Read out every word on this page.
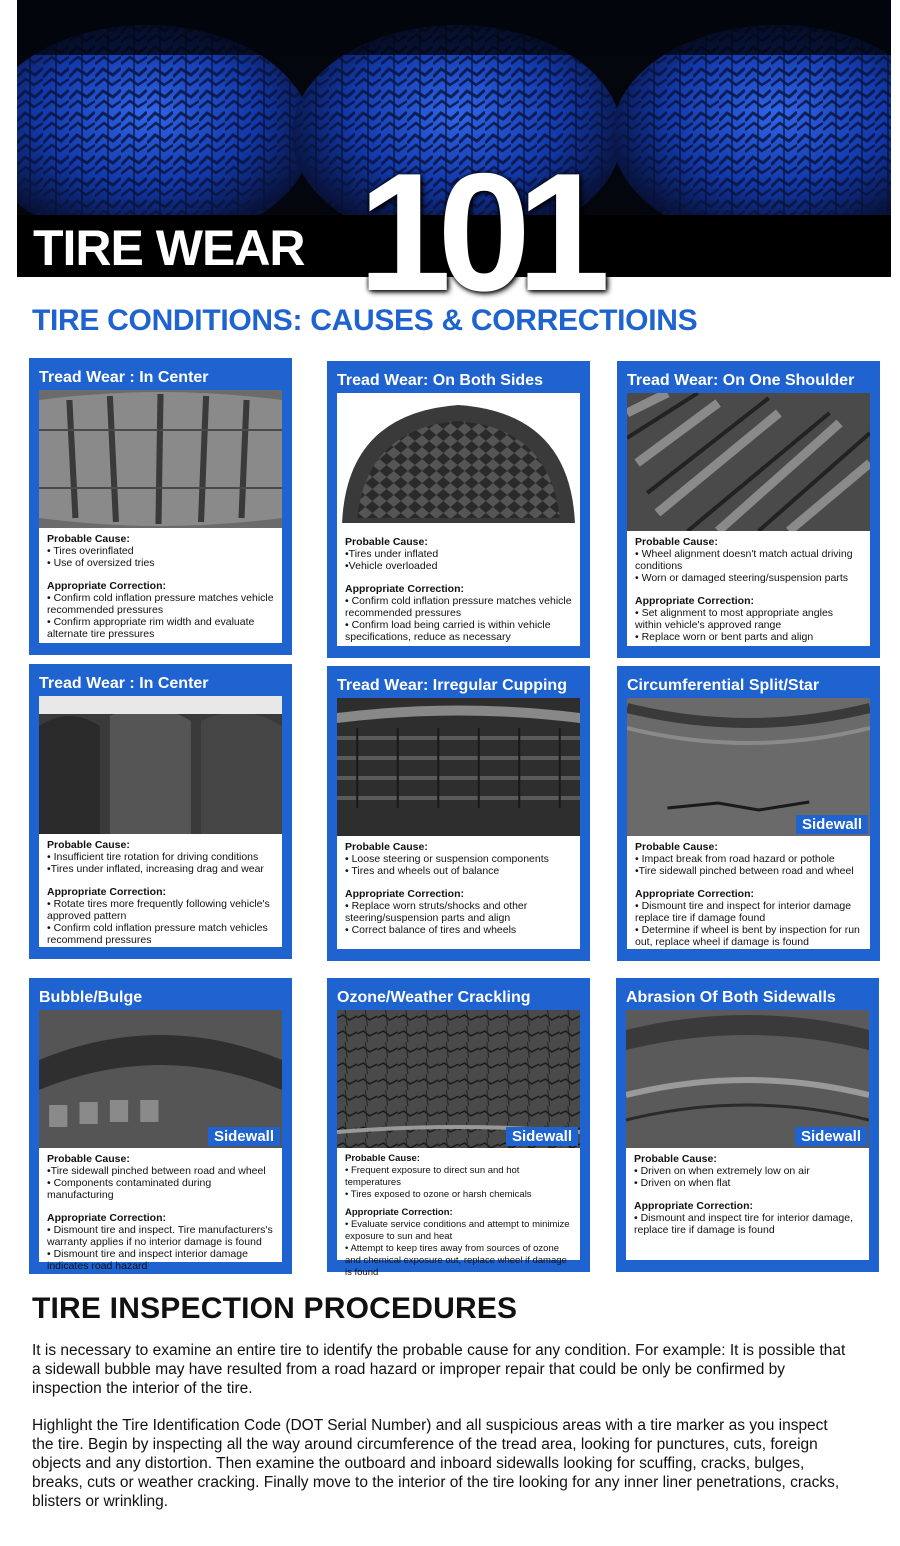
TIRE WEAR 101
TIRE CONDITIONS: CAUSES & CORRECTIOINS
Tread Wear : In Center
Probable Cause:
• Tires overinflated
• Use of oversized tries
Appropriate Correction:
• Confirm cold inflation pressure matches vehicle recommended pressures
• Confirm appropriate rim width and evaluate alternate tire pressures
Tread Wear: On Both Sides
Probable Cause:
•Tires under inflated
•Vehicle overloaded
Appropriate Correction:
• Confirm cold inflation pressure matches vehicle recommended pressures
• Confirm load being carried is within vehicle specifications, reduce as necessary
Tread Wear: On One Shoulder
Probable Cause:
• Wheel alignment doesn't match actual driving conditions
• Worn or damaged steering/suspension parts
Appropriate Correction:
• Set alignment to most appropriate angles within vehicle's approved range
• Replace worn or bent parts and align
Tread Wear : In Center
Probable Cause:
• Insufficient tire rotation for driving conditions
•Tires under inflated, increasing drag and wear
Appropriate Correction:
• Rotate tires more frequently following vehicle's approved pattern
• Confirm cold inflation pressure match vehicles recommend pressures
Tread Wear: Irregular Cupping
Probable Cause:
• Loose steering or suspension components
• Tires and wheels out of balance
Appropriate Correction:
• Replace worn struts/shocks and other steering/suspension parts and align
• Correct balance of tires and wheels
Circumferential Split/Star
Sidewall
Probable Cause:
• Impact break from road hazard or pothole
•Tire sidewall pinched between road and wheel
Appropriate Correction:
• Dismount tire and inspect for interior damage replace tire if damage found
• Determine if wheel is bent by inspection for run out, replace wheel if damage is found
Bubble/Bulge
Sidewall
Probable Cause:
•Tire sidewall pinched between road and wheel
• Components contaminated during manufacturing
Appropriate Correction:
• Dismount tire and inspect. Tire manufacturers's warranty applies if no interior damage is found
• Dismount tire and inspect interior damage indicates road hazard
Ozone/Weather Crackling
Sidewall
Probable Cause:
• Frequent exposure to direct sun and hot temperatures
• Tires exposed to ozone or harsh chemicals
Appropriate Correction:
• Evaluate service conditions and attempt to minimize exposure to sun and heat
• Attempt to keep tires away from sources of ozone and chemical exposure out, replace wheel if damage is found
Abrasion Of Both Sidewalls
Sidewall
Probable Cause:
• Driven on when extremely low on air
• Driven on when flat
Appropriate Correction:
• Dismount and inspect tire for interior damage, replace tire if damage is found
TIRE INSPECTION PROCEDURES

It is necessary to examine an entire tire to identify the probable cause for any condition. For example: It is possible that a sidewall bubble may have resulted from a road hazard or improper repair that could be only be confirmed by inspection the interior of the tire.

Highlight the Tire Identification Code (DOT Serial Number) and all suspicious areas with a tire marker as you inspect the tire. Begin by inspecting all the way around circumference of the tread area, looking for punctures, cuts, foreign objects and any distortion. Then examine the outboard and inboard sidewalls looking for scuffing, cracks, bulges, breaks, cuts or weather cracking. Finally move to the interior of the tire looking for any inner liner penetrations, cracks, blisters or wrinkling.
